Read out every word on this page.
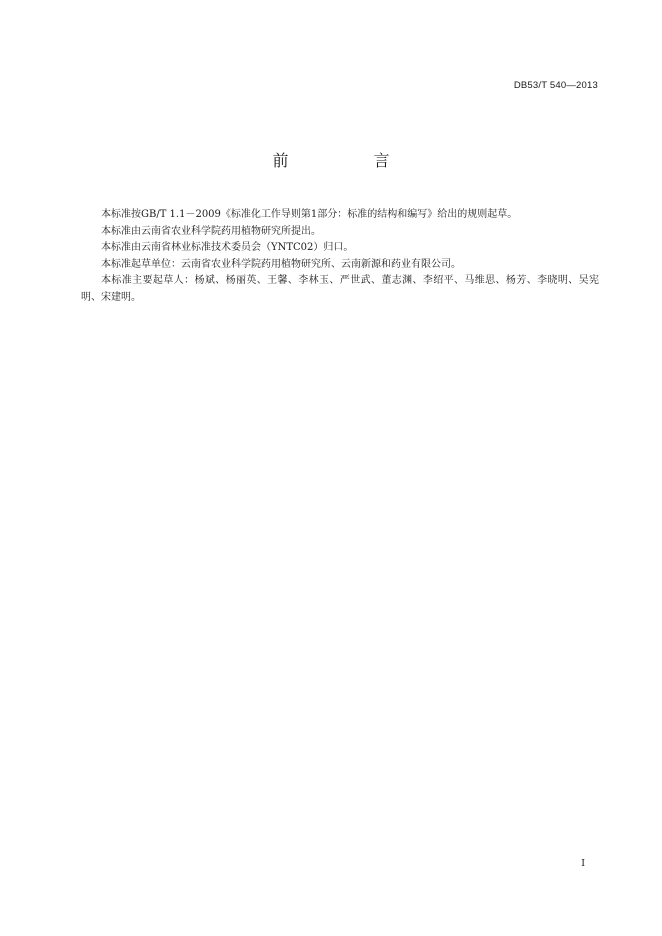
DB53/T 540—2013
前 言

本标准按GB/T 1.1－2009《标准化工作导则第1部分：标准的结构和编写》给出的规则起草。

本标准由云南省农业科学院药用植物研究所提出。

本标准由云南省林业标准技术委员会（YNTC02）归口。

本标准起草单位：云南省农业科学院药用植物研究所、云南新源和药业有限公司。

本标准主要起草人：杨斌、杨丽英、王馨、李林玉、严世武、董志渊、李绍平、马维思、杨芳、李晓明、吴宪明、宋建明。

I
